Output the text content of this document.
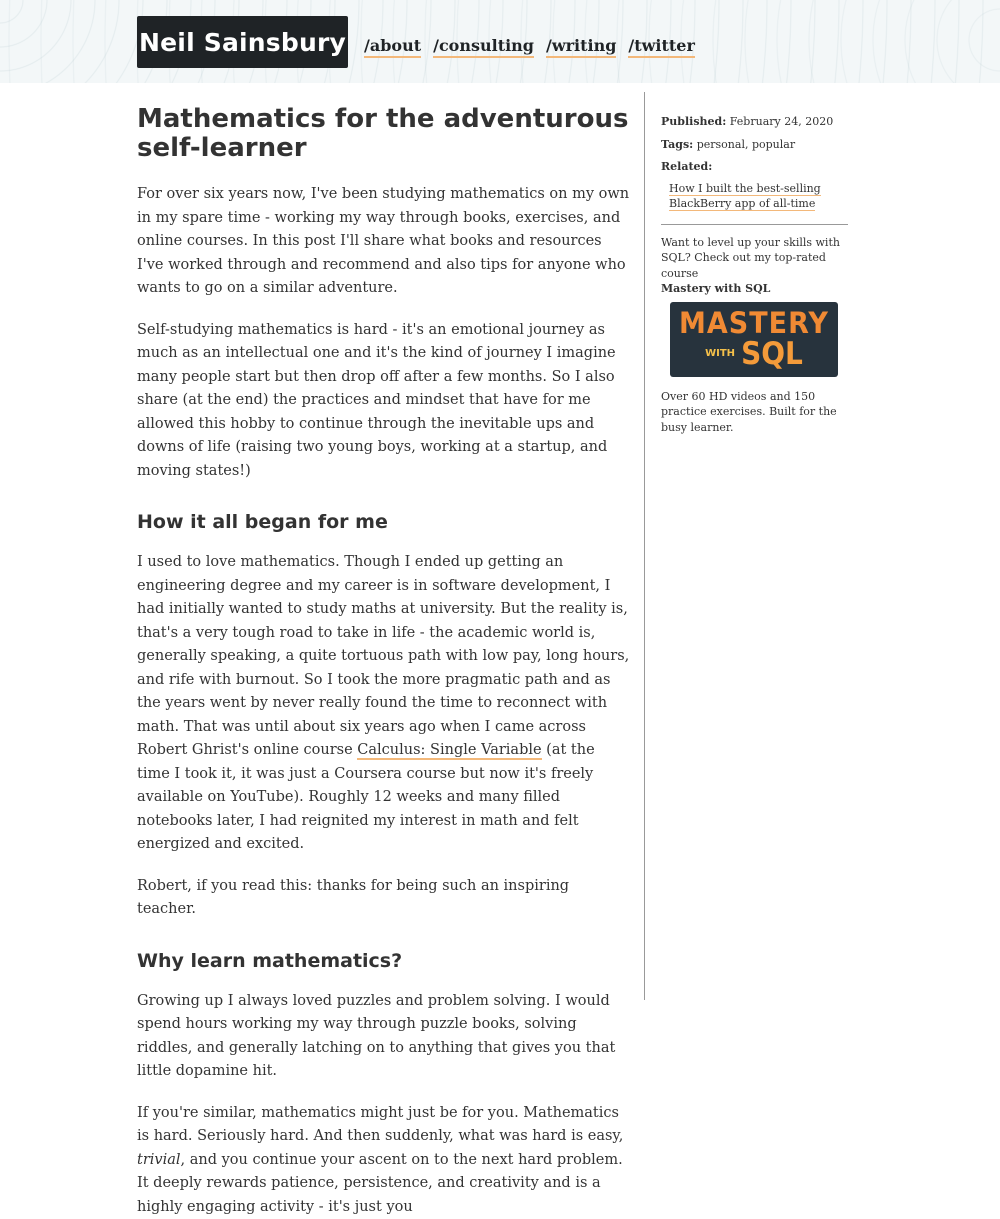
Neil Sainsbury /about /consulting /writing /twitter
Mathematics for the adventurous self-learner

For over six years now, I've been studying mathematics on my own in my spare time - working my way through books, exercises, and online courses. In this post I'll share what books and resources I've worked through and recommend and also tips for anyone who wants to go on a similar adventure.

Self-studying mathematics is hard - it's an emotional journey as much as an intellectual one and it's the kind of journey I imagine many people start but then drop off after a few months. So I also share (at the end) the practices and mindset that have for me allowed this hobby to continue through the inevitable ups and downs of life (raising two young boys, working at a startup, and moving states!)

How it all began for me

I used to love mathematics. Though I ended up getting an engineering degree and my career is in software development, I had initially wanted to study maths at university. But the reality is, that's a very tough road to take in life - the academic world is, generally speaking, a quite tortuous path with low pay, long hours, and rife with burnout. So I took the more pragmatic path and as the years went by never really found the time to reconnect with math. That was until about six years ago when I came across Robert Ghrist's online course Calculus: Single Variable (at the time I took it, it was just a Coursera course but now it's freely available on YouTube). Roughly 12 weeks and many filled notebooks later, I had reignited my interest in math and felt energized and excited.

Robert, if you read this: thanks for being such an inspiring teacher.

Why learn mathematics?

Growing up I always loved puzzles and problem solving. I would spend hours working my way through puzzle books, solving riddles, and generally latching on to anything that gives you that little dopamine hit.

If you're similar, mathematics might just be for you. Mathematics is hard. Seriously hard. And then suddenly, what was hard is easy, trivial, and you continue your ascent on to the next hard problem. It deeply rewards patience, persistence, and creativity and is a highly engaging activity - it's just you

Published: February 24, 2020
Tags: personal, popular
Related:
How I built the best-selling BlackBerry app of all-time
Want to level up your skills with SQL? Check out my top-rated course
Mastery with SQL
MASTERY
WITH SQL
Over 60 HD videos and 150 practice exercises. Built for the busy learner.
